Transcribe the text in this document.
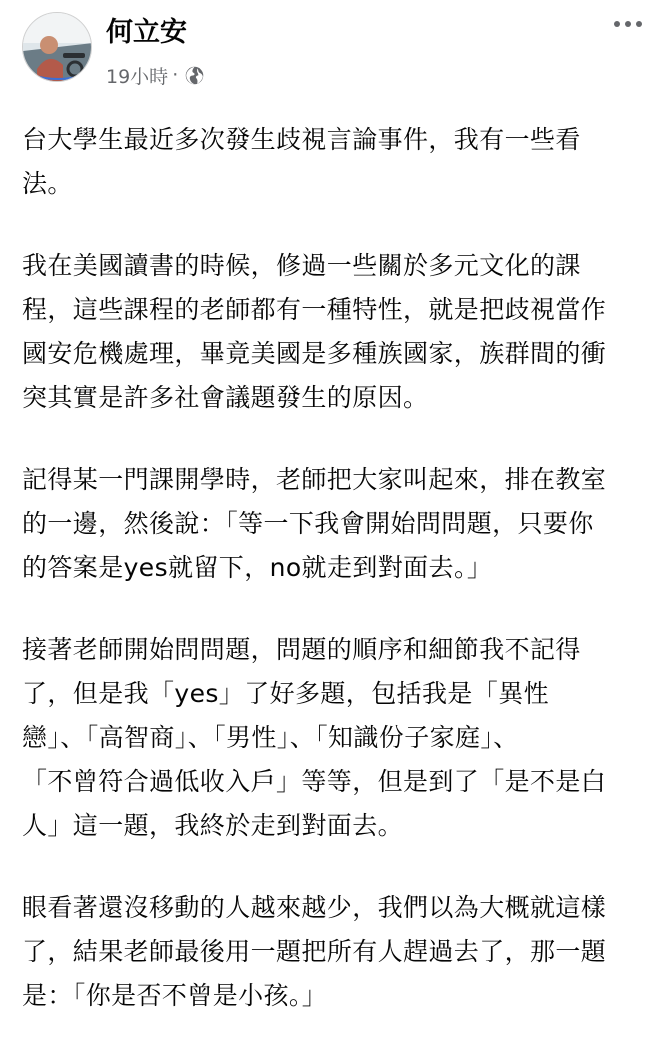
何立安
19小時 ·

台大學生最近多次發生歧視言論事件，我有一些看
法。

我在美國讀書的時候，修過一些關於多元文化的課
程，這些課程的老師都有一種特性，就是把歧視當作
國安危機處理，畢竟美國是多種族國家，族群間的衝
突其實是許多社會議題發生的原因。

記得某一門課開學時，老師把大家叫起來，排在教室
的一邊，然後說：「等一下我會開始問問題，只要你
的答案是yes就留下，no就走到對面去。」

接著老師開始問問題，問題的順序和細節我不記得
了，但是我「yes」了好多題，包括我是「異性
戀」、「高智商」、「男性」、「知識份子家庭」、
「不曾符合過低收入戶」等等，但是到了「是不是白
人」這一題，我終於走到對面去。

眼看著還沒移動的人越來越少，我們以為大概就這樣
了，結果老師最後用一題把所有人趕過去了，那一題
是：「你是否不曾是小孩。」
